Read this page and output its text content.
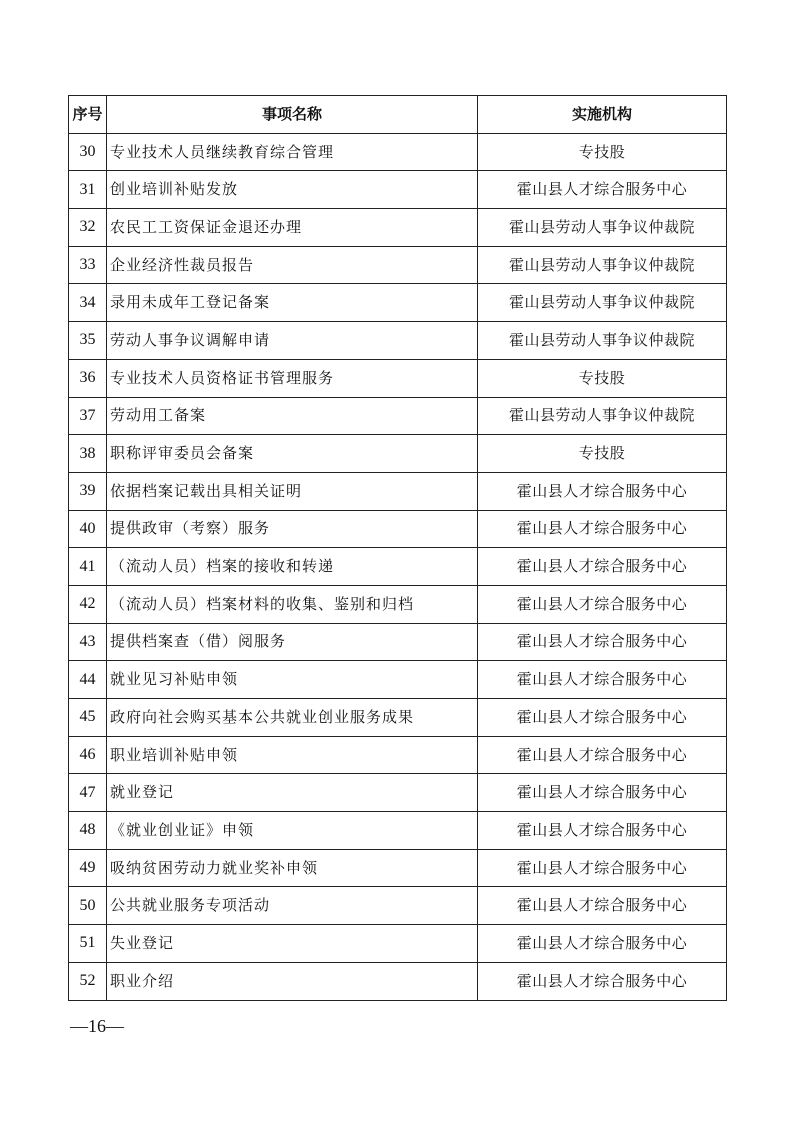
序号	事项名称	实施机构
30	专业技术人员继续教育综合管理	专技股
31	创业培训补贴发放	霍山县人才综合服务中心
32	农民工工资保证金退还办理	霍山县劳动人事争议仲裁院
33	企业经济性裁员报告	霍山县劳动人事争议仲裁院
34	录用未成年工登记备案	霍山县劳动人事争议仲裁院
35	劳动人事争议调解申请	霍山县劳动人事争议仲裁院
36	专业技术人员资格证书管理服务	专技股
37	劳动用工备案	霍山县劳动人事争议仲裁院
38	职称评审委员会备案	专技股
39	依据档案记载出具相关证明	霍山县人才综合服务中心
40	提供政审（考察）服务	霍山县人才综合服务中心
41	（流动人员）档案的接收和转递	霍山县人才综合服务中心
42	（流动人员）档案材料的收集、鉴别和归档	霍山县人才综合服务中心
43	提供档案查（借）阅服务	霍山县人才综合服务中心
44	就业见习补贴申领	霍山县人才综合服务中心
45	政府向社会购买基本公共就业创业服务成果	霍山县人才综合服务中心
46	职业培训补贴申领	霍山县人才综合服务中心
47	就业登记	霍山县人才综合服务中心
48	《就业创业证》申领	霍山县人才综合服务中心
49	吸纳贫困劳动力就业奖补申领	霍山县人才综合服务中心
50	公共就业服务专项活动	霍山县人才综合服务中心
51	失业登记	霍山县人才综合服务中心
52	职业介绍	霍山县人才综合服务中心
—16—
